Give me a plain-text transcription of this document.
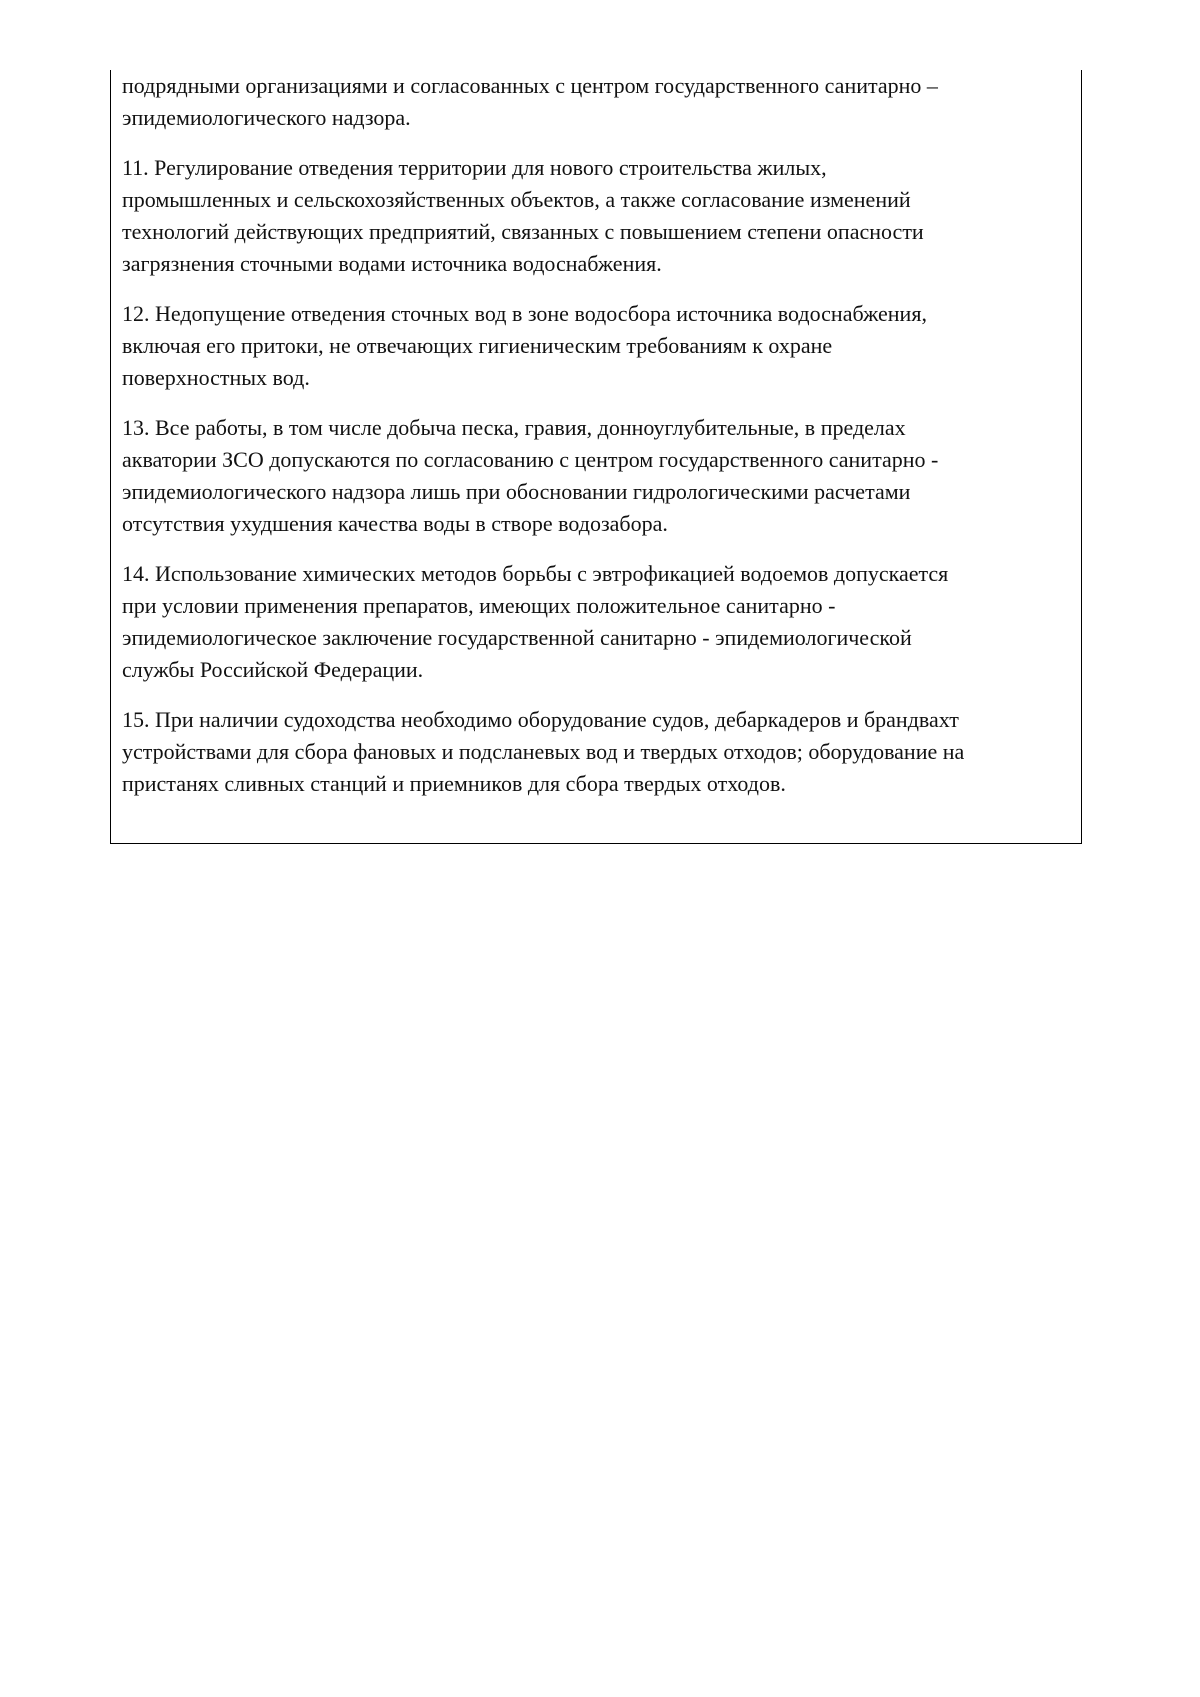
подрядными организациями и согласованных с центром государственного санитарно –
эпидемиологического надзора.

11. Регулирование отведения территории для нового строительства жилых,
промышленных и сельскохозяйственных объектов, а также согласование изменений
технологий действующих предприятий, связанных с повышением степени опасности
загрязнения сточными водами источника водоснабжения.

12. Недопущение отведения сточных вод в зоне водосбора источника водоснабжения,
включая его притоки, не отвечающих гигиеническим требованиям к охране
поверхностных вод.

13. Все работы, в том числе добыча песка, гравия, донноуглубительные, в пределах
акватории ЗСО допускаются по согласованию с центром государственного санитарно -
эпидемиологического надзора лишь при обосновании гидрологическими расчетами
отсутствия ухудшения качества воды в створе водозабора.

14. Использование химических методов борьбы с эвтрофикацией водоемов допускается
при условии применения препаратов, имеющих положительное санитарно -
эпидемиологическое заключение государственной санитарно - эпидемиологической
службы Российской Федерации.

15. При наличии судоходства необходимо оборудование судов, дебаркадеров и брандвахт
устройствами для сбора фановых и подсланевых вод и твердых отходов; оборудование на
пристанях сливных станций и приемников для сбора твердых отходов.
